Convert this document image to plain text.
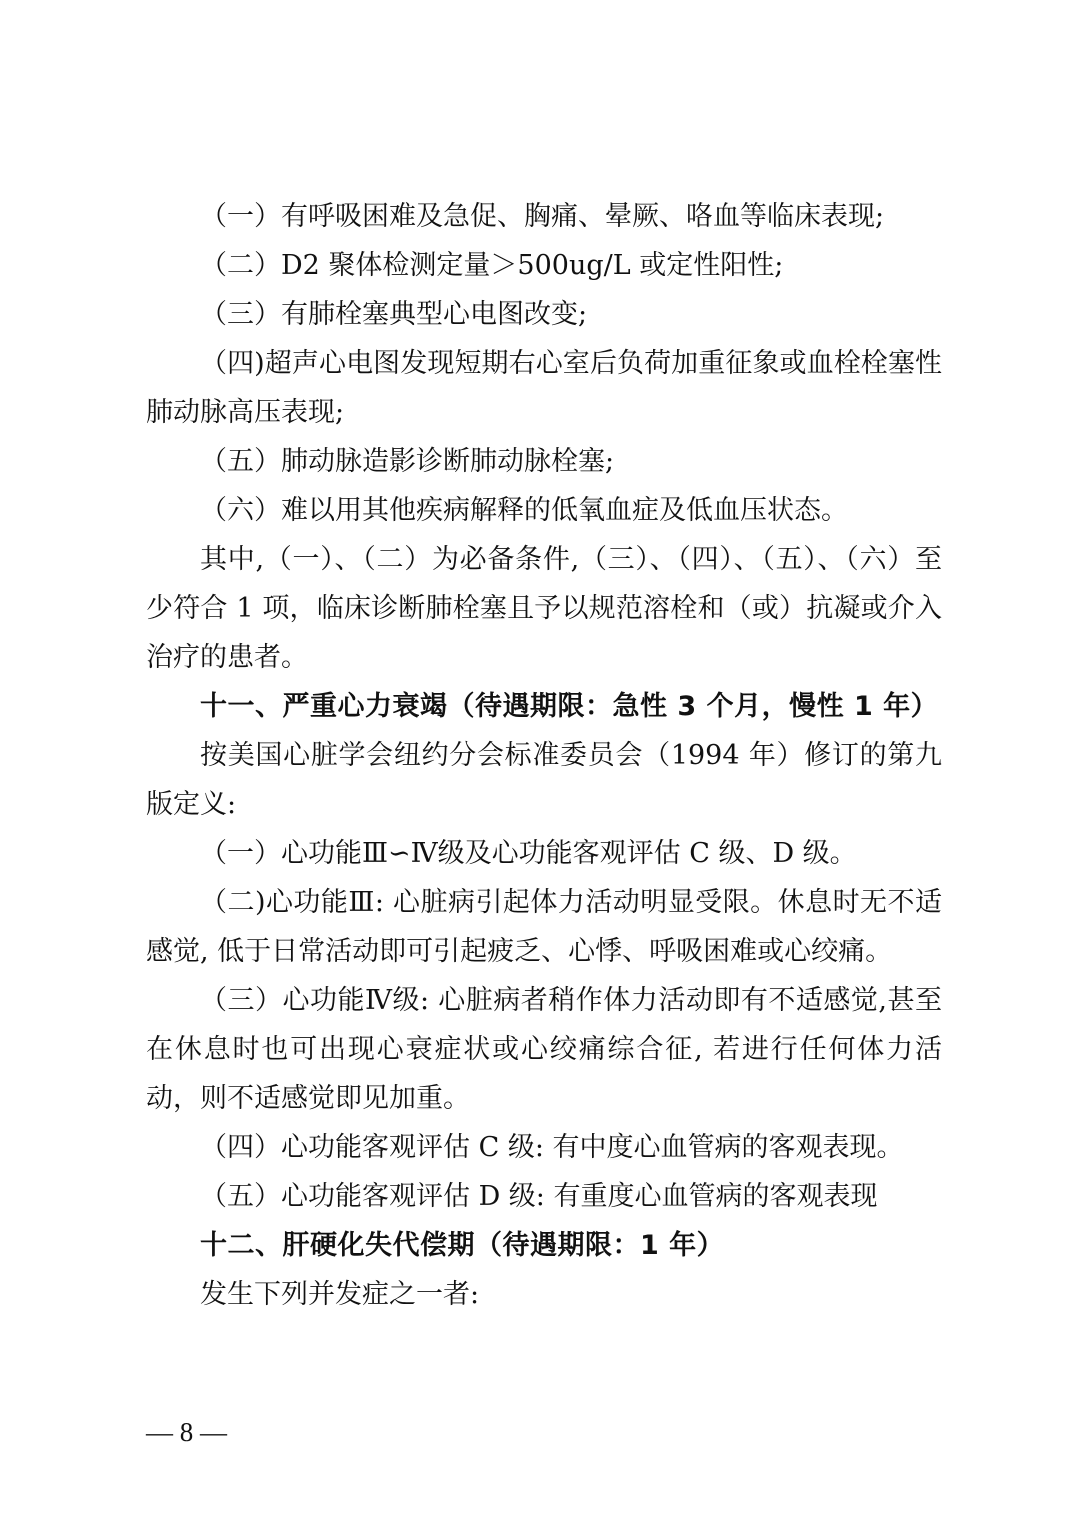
（一）有呼吸困难及急促、胸痛、晕厥、咯血等临床表现;

（二）D2 聚体检测定量＞500ug/L 或定性阳性;

（三）有肺栓塞典型心电图改变;

（四)超声心电图发现短期右心室后负荷加重征象或血栓栓塞性肺动脉高压表现;

（五）肺动脉造影诊断肺动脉栓塞;

（六）难以用其他疾病解释的低氧血症及低血压状态。

其中,（一）、（二）为必备条件,（三）、（四）、（五）、（六）至少符合 1 项，临床诊断肺栓塞且予以规范溶栓和（或）抗凝或介入治疗的患者。

十一、严重心力衰竭（待遇期限：急性 3 个月，慢性 1 年）

按美国心脏学会纽约分会标准委员会（1994 年）修订的第九版定义:

（一）心功能Ⅲ∽Ⅳ级及心功能客观评估 C 级、D 级。

（二)心功能Ⅲ: 心脏病引起体力活动明显受限。休息时无不适感觉, 低于日常活动即可引起疲乏、心悸、呼吸困难或心绞痛。

（三）心功能Ⅳ级: 心脏病者稍作体力活动即有不适感觉,甚至在休息时也可出现心衰症状或心绞痛综合征, 若进行任何体力活动，则不适感觉即见加重。

（四）心功能客观评估 C 级: 有中度心血管病的客观表现。

（五）心功能客观评估 D 级: 有重度心血管病的客观表现

十二、肝硬化失代偿期（待遇期限：1 年）

发生下列并发症之一者:

— 8 —
